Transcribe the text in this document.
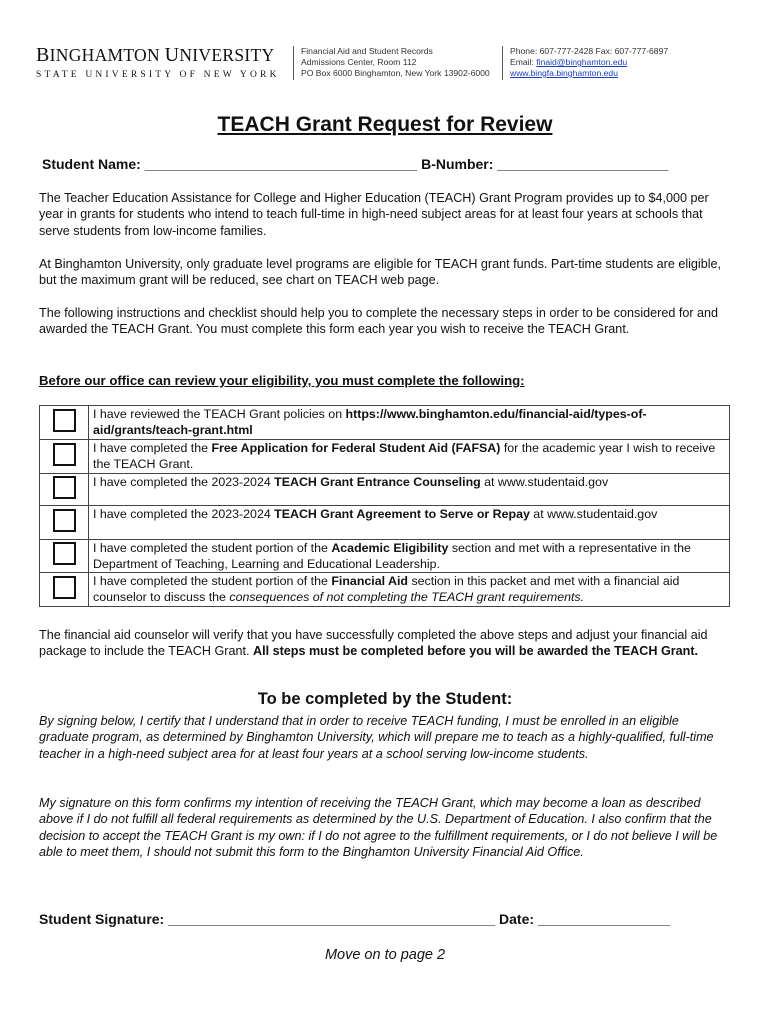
BINGHAMTON UNIVERSITY
STATE UNIVERSITY OF NEW YORK
Financial Aid and Student Records
Admissions Center, Room 112
PO Box 6000 Binghamton, New York 13902-6000
Phone: 607-777-2428 Fax: 607-777-6897
Email: finaid@binghamton.edu
www.bingfa.binghamton.edu
TEACH Grant Request for Review
Student Name: ___________________________________ B-Number: ______________________
The Teacher Education Assistance for College and Higher Education (TEACH) Grant Program provides up to $4,000 per year in grants for students who intend to teach full-time in high-need subject areas for at least four years at schools that serve students from low-income families.
At Binghamton University, only graduate level programs are eligible for TEACH grant funds. Part-time students are eligible, but the maximum grant will be reduced, see chart on TEACH web page.
The following instructions and checklist should help you to complete the necessary steps in order to be considered for and awarded the TEACH Grant. You must complete this form each year you wish to receive the TEACH Grant.
Before our office can review your eligibility, you must complete the following:
	I have reviewed the TEACH Grant policies on https://www.binghamton.edu/financial-aid/types-of-aid/grants/teach-grant.html
	I have completed the Free Application for Federal Student Aid (FAFSA) for the academic year I wish to receive the TEACH Grant.
	I have completed the 2023-2024 TEACH Grant Entrance Counseling at www.studentaid.gov
	I have completed the 2023-2024 TEACH Grant Agreement to Serve or Repay at www.studentaid.gov
	I have completed the student portion of the Academic Eligibility section and met with a representative in the Department of Teaching, Learning and Educational Leadership.
	I have completed the student portion of the Financial Aid section in this packet and met with a financial aid counselor to discuss the consequences of not completing the TEACH grant requirements.
The financial aid counselor will verify that you have successfully completed the above steps and adjust your financial aid package to include the TEACH Grant. All steps must be completed before you will be awarded the TEACH Grant.
To be completed by the Student:
By signing below, I certify that I understand that in order to receive TEACH funding, I must be enrolled in an eligible graduate program, as determined by Binghamton University, which will prepare me to teach as a highly-qualified, full-time teacher in a high-need subject area for at least four years at a school serving low-income students.
My signature on this form confirms my intention of receiving the TEACH Grant, which may become a loan as described above if I do not fulfill all federal requirements as determined by the U.S. Department of Education. I also confirm that the decision to accept the TEACH Grant is my own: if I do not agree to the fulfillment requirements, or I do not believe I will be able to meet them, I should not submit this form to the Binghamton University Financial Aid Office.
Student Signature: __________________________________________ Date: _________________
Move on to page 2
